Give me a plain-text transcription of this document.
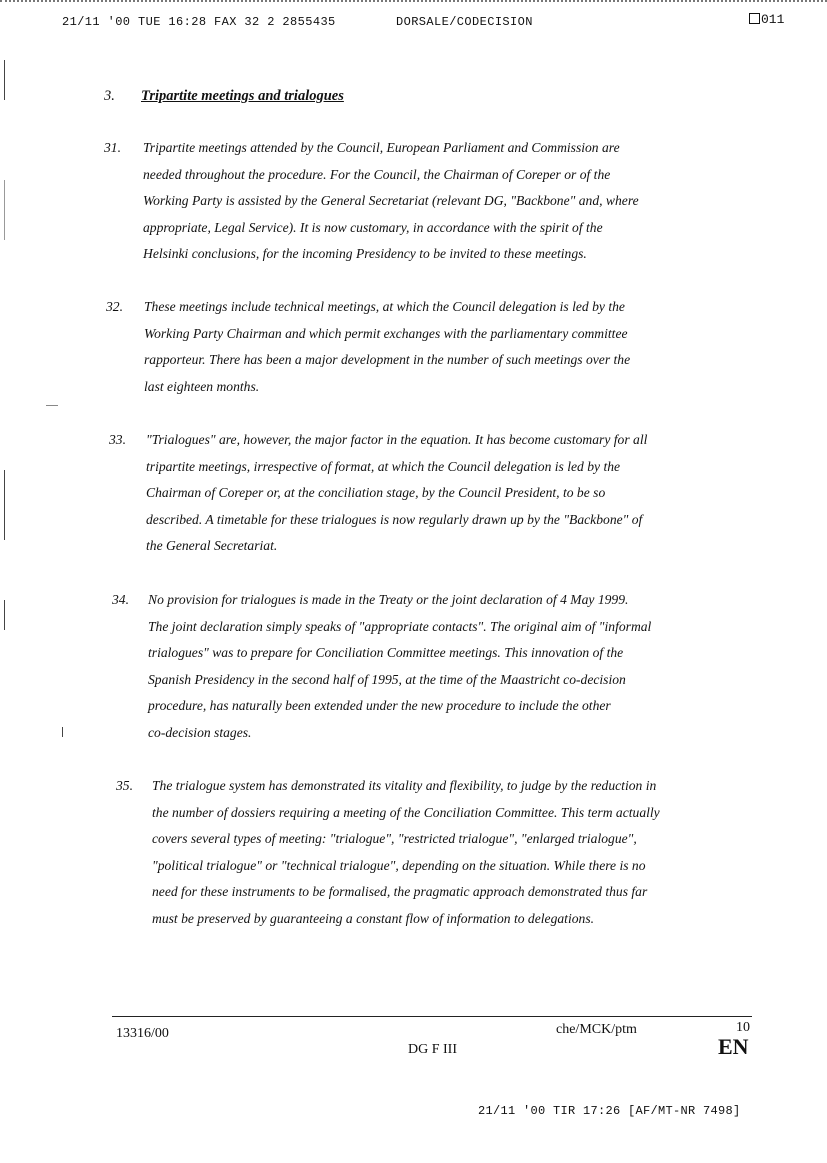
21/11 '00 TUE 16:28 FAX 32 2 2855435	DORSALE/CODECISION	011
3. Tripartite meetings and trialogues
31. Tripartite meetings attended by the Council, European Parliament and Commission are
needed throughout the procedure. For the Council, the Chairman of Coreper or of the
Working Party is assisted by the General Secretariat (relevant DG, "Backbone" and, where
appropriate, Legal Service). It is now customary, in accordance with the spirit of the
Helsinki conclusions, for the incoming Presidency to be invited to these meetings.
32. These meetings include technical meetings, at which the Council delegation is led by the
Working Party Chairman and which permit exchanges with the parliamentary committee
rapporteur. There has been a major development in the number of such meetings over the
last eighteen months.
33. "Trialogues" are, however, the major factor in the equation. It has become customary for all
tripartite meetings, irrespective of format, at which the Council delegation is led by the
Chairman of Coreper or, at the conciliation stage, by the Council President, to be so
described. A timetable for these trialogues is now regularly drawn up by the "Backbone" of
the General Secretariat.
34. No provision for trialogues is made in the Treaty or the joint declaration of 4 May 1999.
The joint declaration simply speaks of "appropriate contacts". The original aim of "informal
trialogues" was to prepare for Conciliation Committee meetings. This innovation of the
Spanish Presidency in the second half of 1995, at the time of the Maastricht co-decision
procedure, has naturally been extended under the new procedure to include the other
co-decision stages.
35. The trialogue system has demonstrated its vitality and flexibility, to judge by the reduction in
the number of dossiers requiring a meeting of the Conciliation Committee. This term actually
covers several types of meeting: "trialogue", "restricted trialogue", "enlarged trialogue",
"political trialogue" or "technical trialogue", depending on the situation. While there is no
need for these instruments to be formalised, the pragmatic approach demonstrated thus far
must be preserved by guaranteeing a constant flow of information to delegations.
13316/00	che/MCK/ptm	10
DG F III	EN
21/11 '00 TIR 17:26 [AF/MT-NR 7498]
